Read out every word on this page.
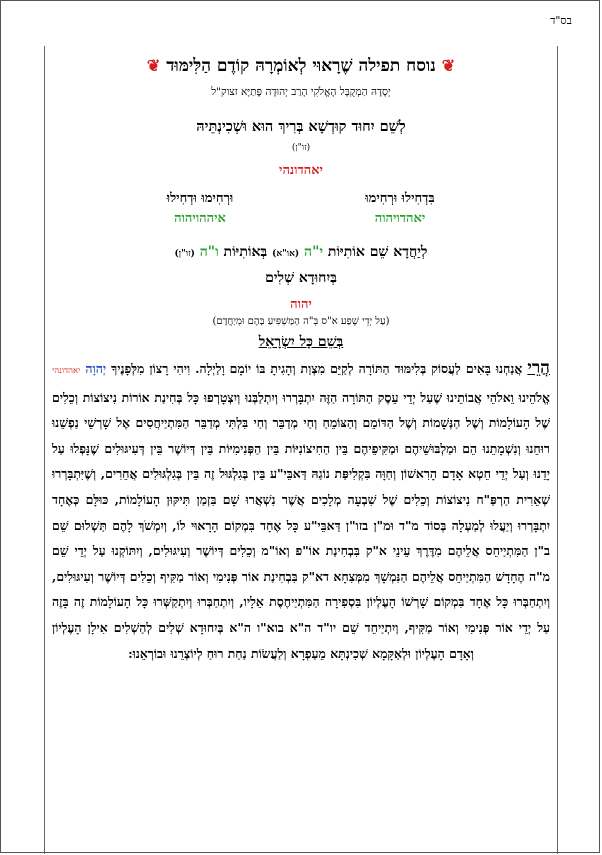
בס"ד
❦נוסח תפילה שֶׁרָאוּי לְאוֹמְרָהּ קוֹדֶם הַלִּימּוּד❦
יְסָדָהּ הַמְקֻבָּל הָאֱלֹקִי הָרַב יְהוּדָה פֶּתַיָּא זצוק"ל
לְשֵׁם יִחוּד קוּדְשָׁא בְּרִיךְ הוּא וּשְׁכִינְתֵּיהּ
(זו"ן)
יאהדונהי
בִּדְחִילוּ וּרְחִימוּ
יאהדויהוה
וּרְחִימוּ וּדְחִילוּ
איההויהוה
לְיַחֲדָא שֵׁם אוֹתִיּוֹת י"ה (או"א) בְּאוֹתִיּוֹת ו"ה (זו"ן)
בְּיִחוּדָא שְׁלִים
יהוה
(עַל יְדֵי שֶׁפַע א"ס בְּ"ה הַמַּשְׁפִּיעַ בָּהֶם וּמְיַחֲדָם)
בְּשֵׁם כָּל יִשְׂרָאֵל
הֲרֵי אֲנַחְנוּ בָּאִים לַעֲסוֹק בְּלִימּוּד הַתּוֹרָה לְקַיֵּם מִצְוַת וְהָגִיתָ בּוֹ יוֹמָם וָלַיְלָה. וִיהִי רָצוֹן מִלְּפָנֶיךָ יְהוָה יאהדונהי אֱלֹהֵינוּ וֵאלֹהֵי אֲבוֹתֵינוּ שֶׁעַל יְדֵי עֵסֶק הַתּוֹרָה הַזֶּה יִתְבָּרְרוּ וְיִתְלַבְּנוּ וְיִצְטָרְפוּ כָּל בְּחִינַת אוֹרוֹת נִיצוֹצוֹת וְכֵלִים שֶׁל הָעוֹלָמוֹת וְשֶׁל הַנְּשָׁמוֹת וְשֶׁל הַדּוֹמֵם וְהַצּוֹמֵחַ וְחַי מְדַבֵּר וְחַי בִּלְתִּי מְדַבֵּר הַמִּתְיַיחֲסִים אֶל שָׁרְשֵׁי נַפְשֵׁנוּ רוּחֵנוּ וְנִשְׁמָתֵנוּ הֵם וּמַלְבּוּשֵׁיהֶם וּמַקִּיפֵיהֶם בֵּין הַחִיצוֹנִיּוֹת בֵּין הַפְּנִימִיּוֹת בֵּין דְּיוֹשֶׁר בֵּין דְּעִיגּוּלִים שֶׁנָּפְלוּ עַל יָדֵנוּ וְעַל יְדֵי חֵטְא אָדָם הָרִאשׁוֹן וְחַוָּה בִּקְלִיפַּת נוֹגַהּ דַּאבֵּי"ע בֵּין בְּגִלְגּוּל זֶה בֵּין בְּגִלְגּוּלִים אֲחֵרִים, וְשֶׁיִּתְבָּרְרוּ שְׁאֵרִית הַרְפַּ"ח נִיצוֹצוֹת וְכֵלִים שֶׁל שִׁבְעָה מְלָכִים אֲשֶׁר נִשְׁאֲרוּ שָׁם בִּזְמַן תִּיקּוּן הָעוֹלָמוֹת, כּוּלָּם כְּאֶחָד יִתְבָּרְרוּ וְיַעֲלוּ לְמַעְלָה בְּסוֹד מ"ד וּמ"ן בזו"ן דַּאבֵּי"ע כָּל אֶחָד בִּמְקוֹם הָרָאוּי לוֹ, וְיִמְשֹׁךְ לָהֶם תַּשְׁלוּם שֵׁם ב"ן הַמִּתְיַיחֵס אֲלֵיהֶם מִדֶּרֶךְ עֵינֵי א"ק בִּבְחִינַת אוֹ"פ וְאוֹ"מ וְכֵלִים דְּיוֹשֶׁר וְעִיגּוּלִים, וְיִתּוֹקְנוּ עַל יְדֵי שֵׁם מ"ה הֶחָדָשׁ הַמִּתְיַיחֵס אֲלֵיהֶם הַנִּמְשָׁךְ מִמְּצִחָא דא"ק בִּבְחִינַת אוֹר פְּנִימִי וְאוֹר מַקִּיף וְכֵלִים דְּיוֹשֶׁר וְעִיגּוּלִים, וְיִתְחַבְּרוּ כָּל אֶחָד בִּמְקוֹם שָׁרְשׁוֹ הָעֶלְיוֹן בִּסְפִירָה הַמִּתְיַיחֶסֶת אֵלָיו, וְיִתְחַבְּרוּ וְיִתְקַשְּׁרוּ כָּל הָעוֹלָמוֹת זֶה בָּזֶה עַל יְדֵי אוֹר פְּנִימִי וְאוֹר מַקִּיף, וְיִתְיַיחֵד שֵׁם יו"ד ה"א בוא"ו ה"א בְּיִחוּדָא שְׁלִים לְהַשְׁלִים אִילָן הָעֶלְיוֹן וְאָדָם הָעֶלְיוֹן וּלְאַקָּמָא שְׁכִינְתָּא מֵעַפְרָא וְלַעֲשׂוֹת נַחַת רוּחַ לְיוֹצְרֵנוּ וּבוֹרְאֵנוּ:
